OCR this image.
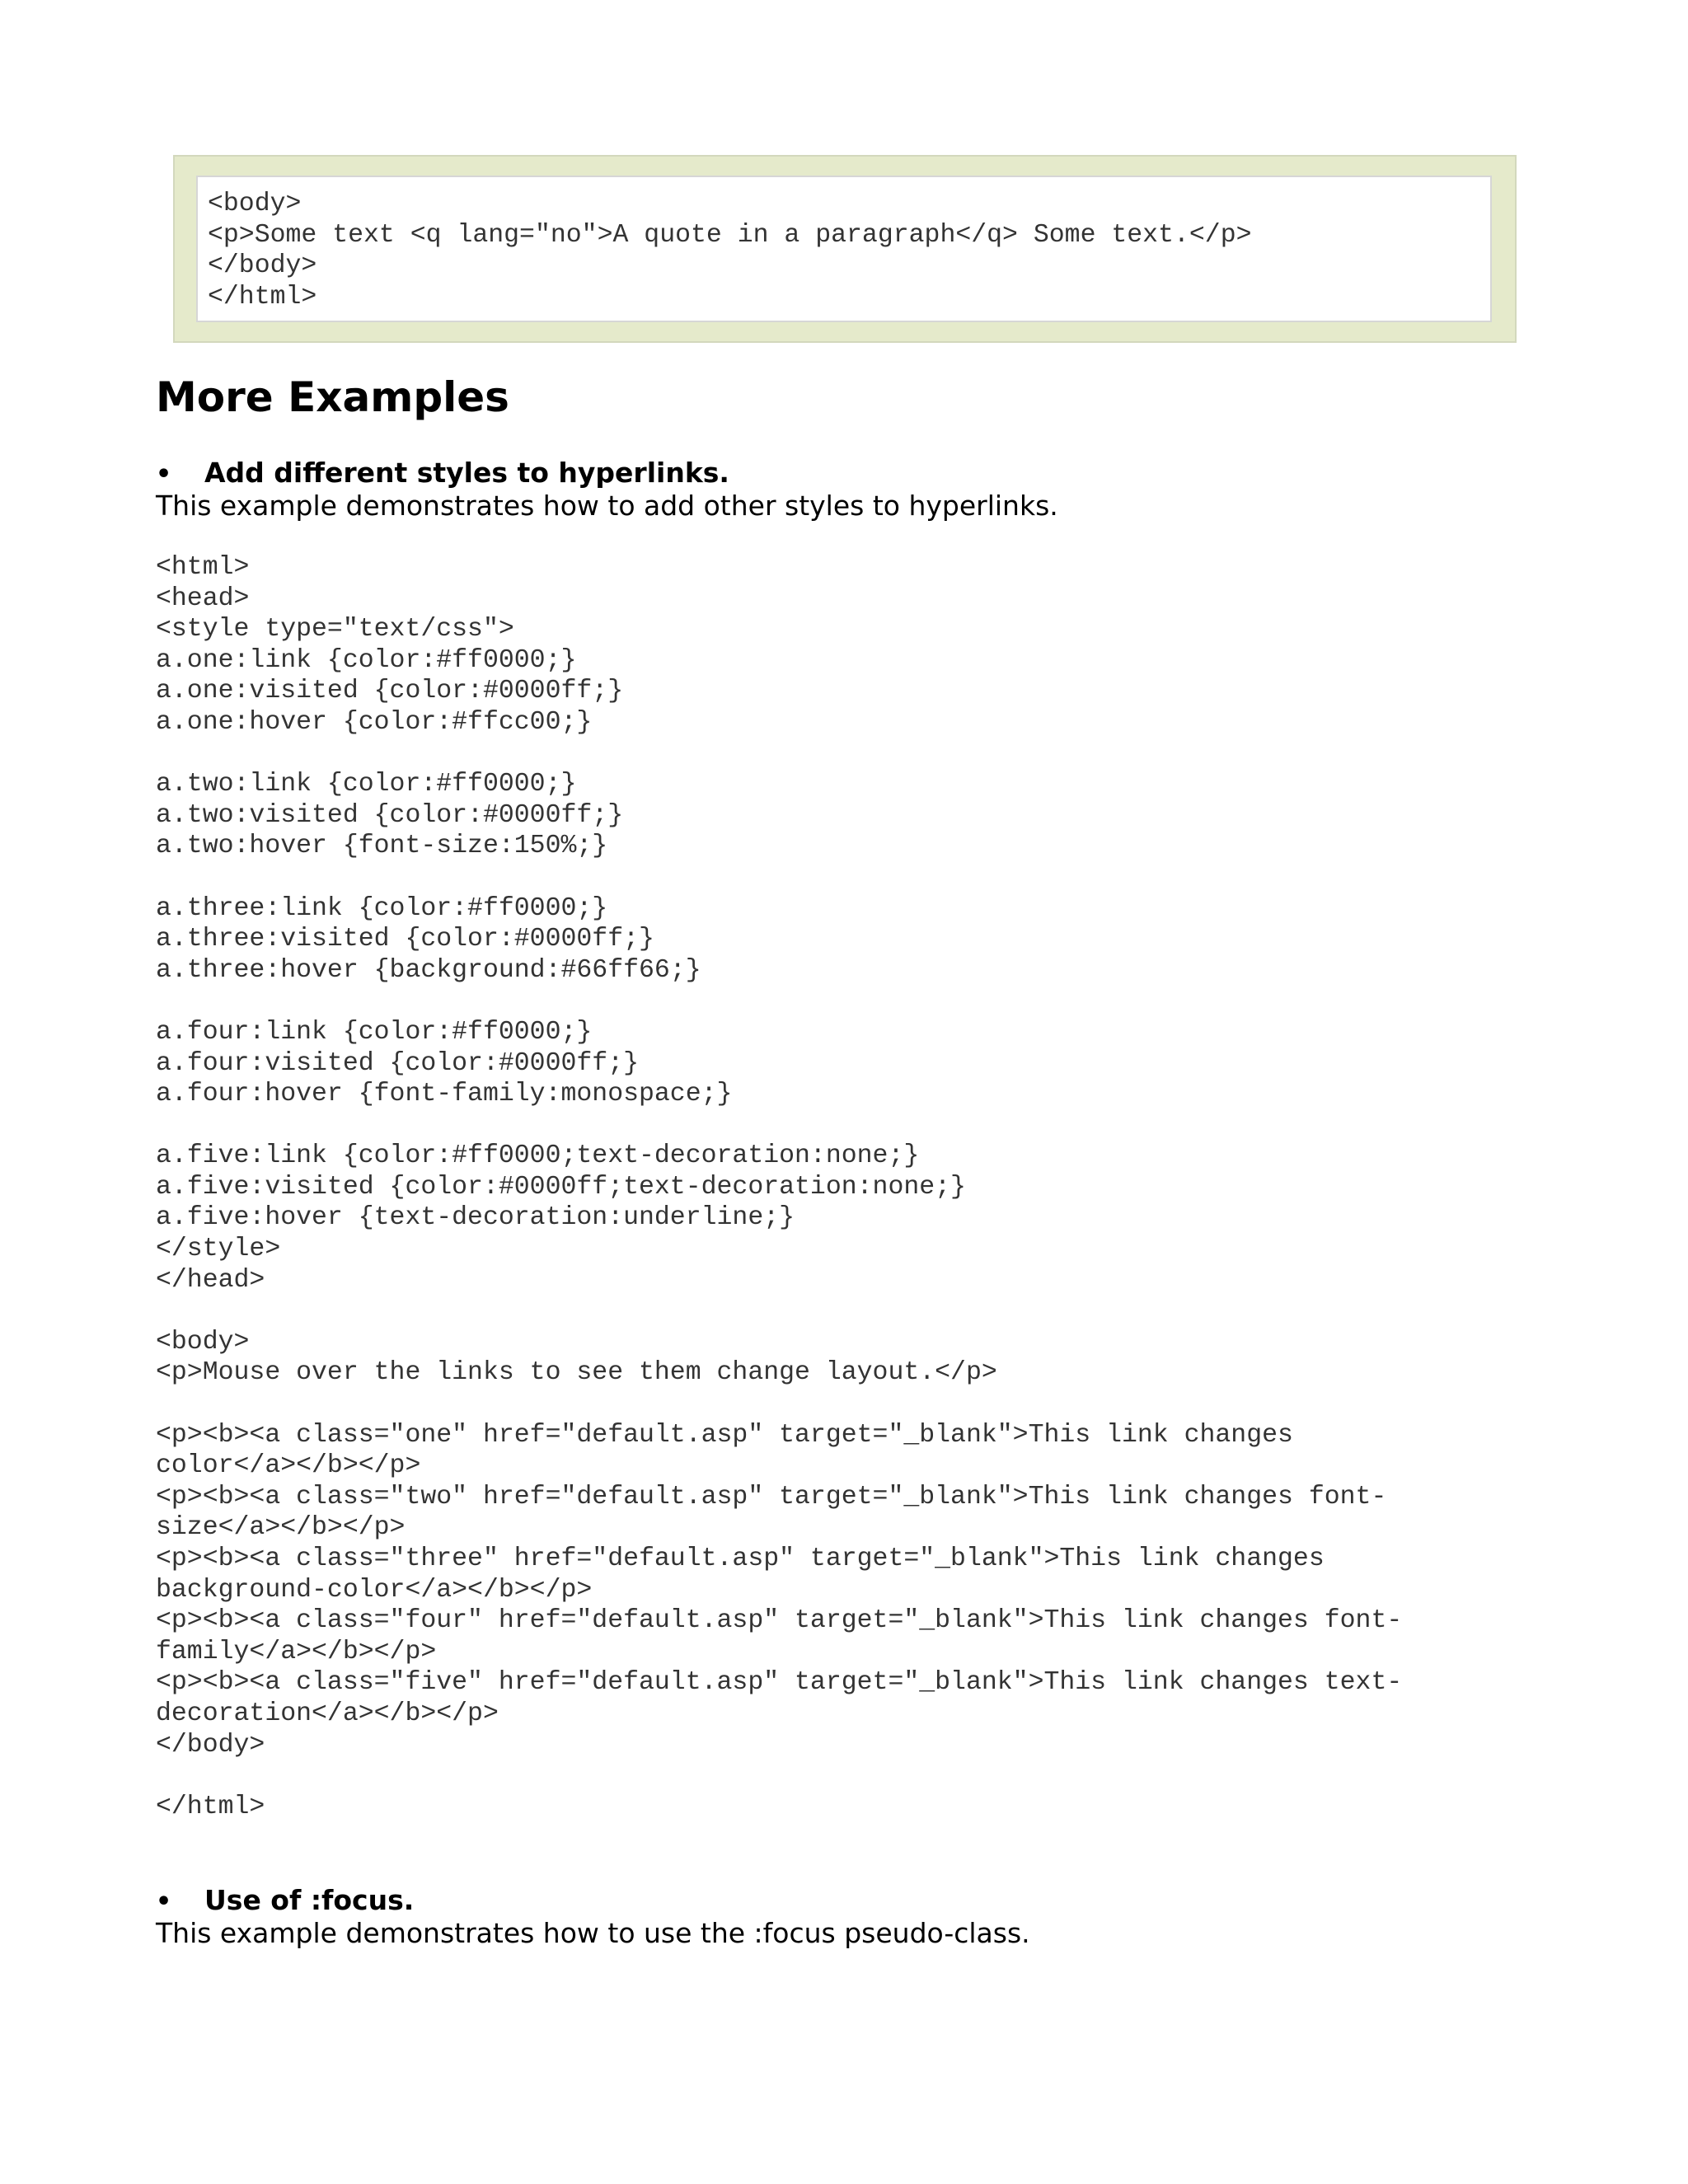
<body>
<p>Some text <q lang="no">A quote in a paragraph</q> Some text.</p>
</body>
</html>
More Examples
• Add different styles to hyperlinks.

This example demonstrates how to add other styles to hyperlinks.

<html>
<head>
<style type="text/css">
a.one:link {color:#ff0000;}
a.one:visited {color:#0000ff;}
a.one:hover {color:#ffcc00;}
a.two:link {color:#ff0000;}
a.two:visited {color:#0000ff;}
a.two:hover {font-size:150%;}
a.three:link {color:#ff0000;}
a.three:visited {color:#0000ff;}
a.three:hover {background:#66ff66;}
a.four:link {color:#ff0000;}
a.four:visited {color:#0000ff;}
a.four:hover {font-family:monospace;}
a.five:link {color:#ff0000;text-decoration:none;}
a.five:visited {color:#0000ff;text-decoration:none;}
a.five:hover {text-decoration:underline;}
</style>
</head>
<body>
<p>Mouse over the links to see them change layout.</p>
<p><b><a class="one" href="default.asp" target="_blank">This link changes
color</a></b></p>
<p><b><a class="two" href="default.asp" target="_blank">This link changes font-
size</a></b></p>
<p><b><a class="three" href="default.asp" target="_blank">This link changes
background-color</a></b></p>
<p><b><a class="four" href="default.asp" target="_blank">This link changes font-
family</a></b></p>
<p><b><a class="five" href="default.asp" target="_blank">This link changes text-
decoration</a></b></p>
</body>
</html>
• Use of :focus.

This example demonstrates how to use the :focus pseudo-class.
